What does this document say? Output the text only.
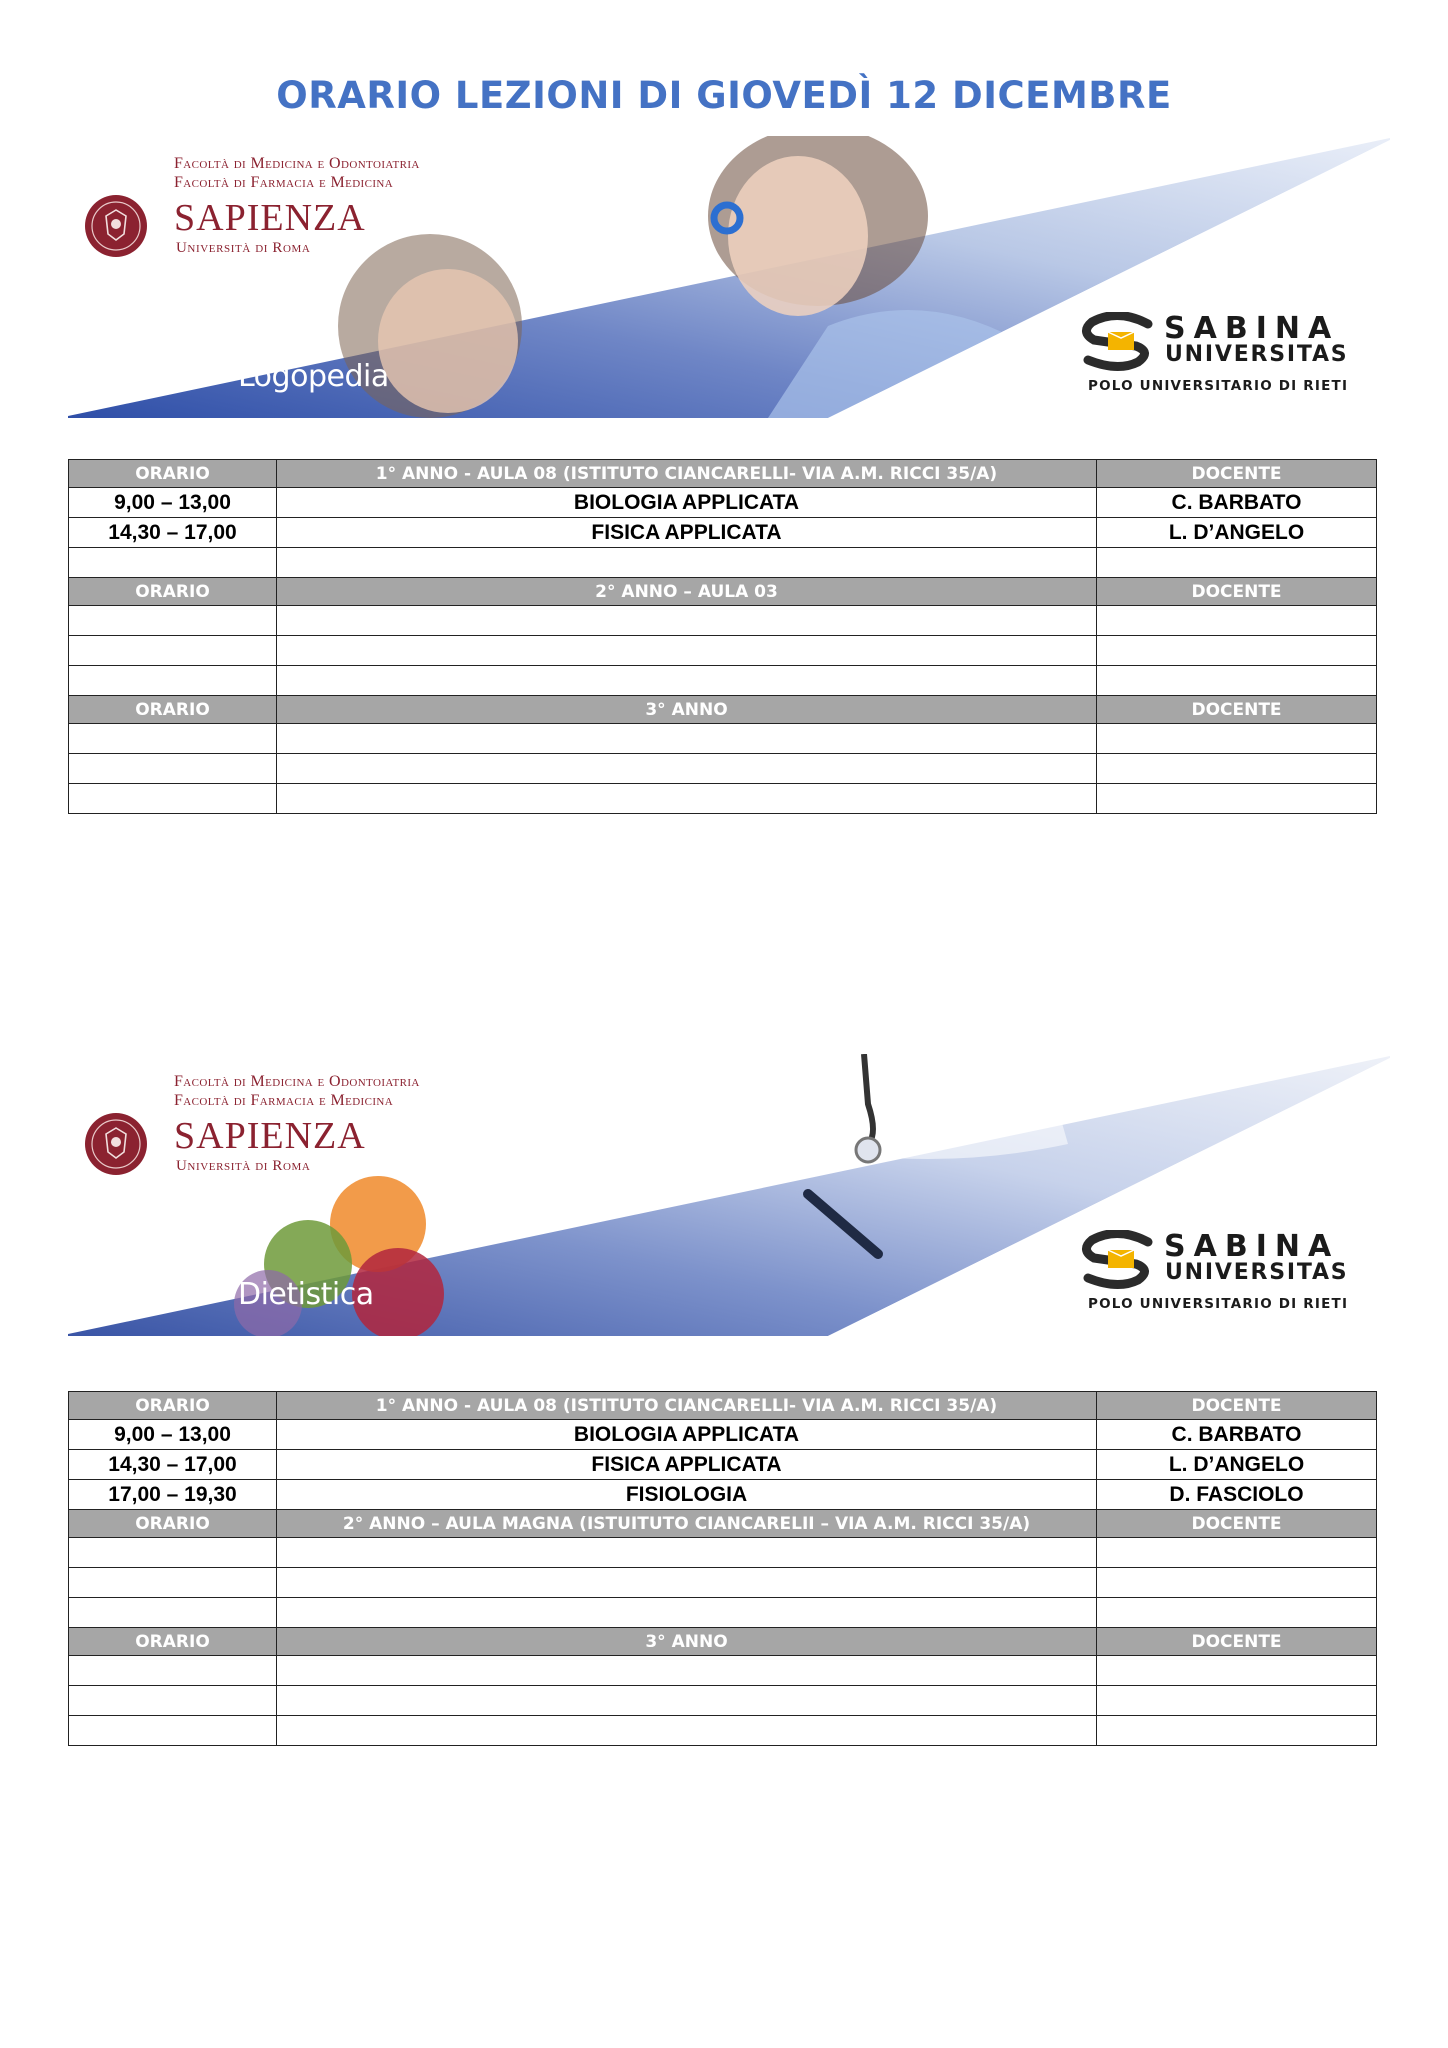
ORARIO LEZIONI DI GIOVEDÌ 12 DICEMBRE
Facoltà di Medicina e Odontoiatria
Facoltà di Farmacia e Medicina
SAPIENZA
Università di Roma
Logopedia
SABINA
UNIVERSITAS
POLO UNIVERSITARIO DI RIETI
ORARIO	1° ANNO - AULA 08 (ISTITUTO CIANCARELLI- VIA A.M. RICCI 35/A)	DOCENTE
9,00 – 13,00	BIOLOGIA APPLICATA	C. BARBATO
14,30 – 17,00	FISICA APPLICATA	L. D’ANGELO

ORARIO	2° ANNO – AULA 03	DOCENTE

ORARIO	3° ANNO	DOCENTE

Facoltà di Medicina e Odontoiatria
Facoltà di Farmacia e Medicina
SAPIENZA
Università di Roma
Dietistica
SABINA
UNIVERSITAS
POLO UNIVERSITARIO DI RIETI
ORARIO	1° ANNO - AULA 08 (ISTITUTO CIANCARELLI- VIA A.M. RICCI 35/A)	DOCENTE
9,00 – 13,00	BIOLOGIA APPLICATA	C. BARBATO
14,30 – 17,00	FISICA APPLICATA	L. D’ANGELO
17,00 – 19,30	FISIOLOGIA	D. FASCIOLO
ORARIO	2° ANNO – AULA MAGNA (ISTUITUTO CIANCARELII – VIA A.M. RICCI 35/A)	DOCENTE

ORARIO	3° ANNO	DOCENTE
